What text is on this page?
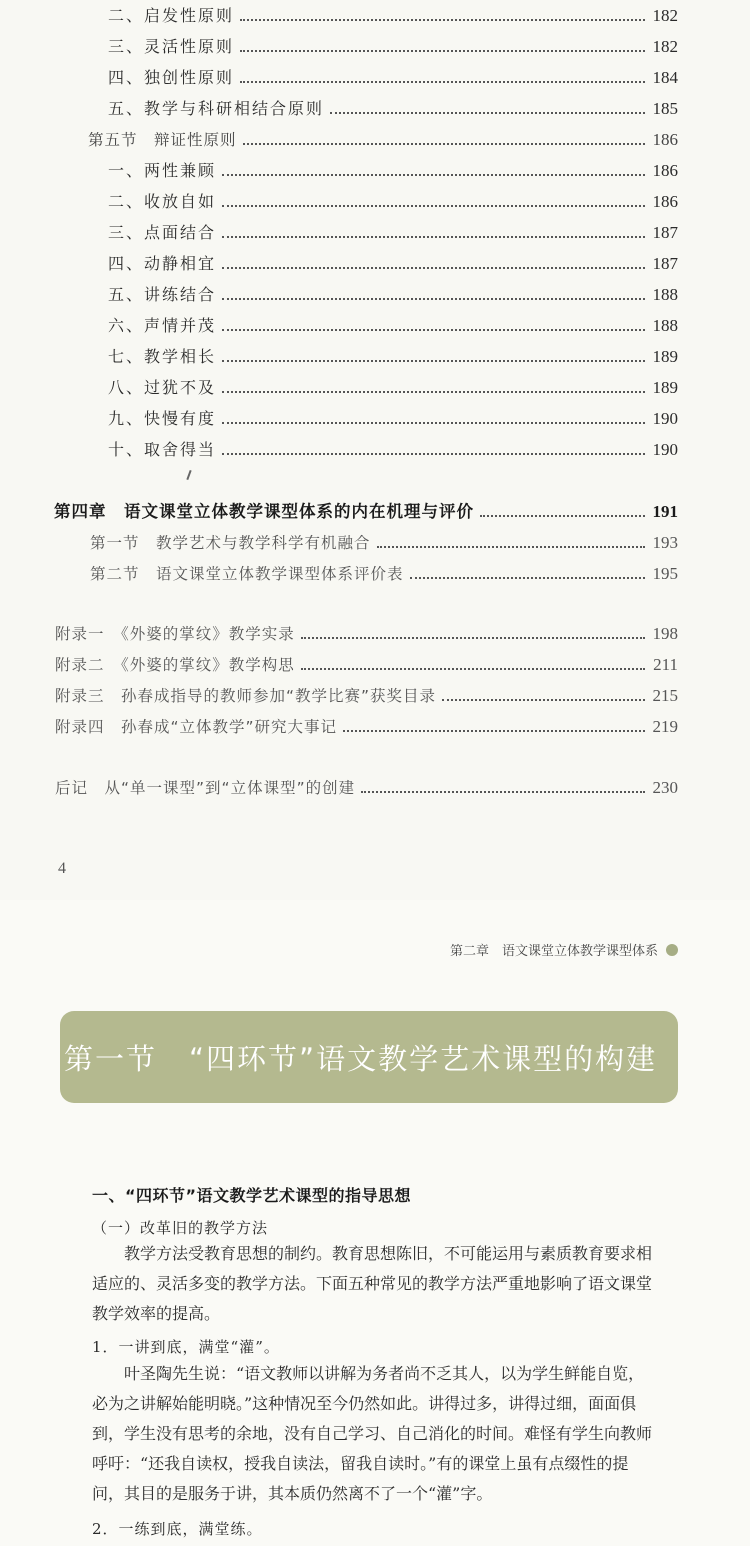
二、启发性原则	182
三、灵活性原则	182
四、独创性原则	184
五、教学与科研相结合原则	185
第五节　辩证性原则	186
一、两性兼顾	186
二、收放自如	186
三、点面结合	187
四、动静相宜	187
五、讲练结合	188
六、声情并茂	188
七、教学相长	189
八、过犹不及	189
九、快慢有度	190
十、取舍得当	190
第四章　语文课堂立体教学课型体系的内在机理与评价	191
第一节　教学艺术与教学科学有机融合	193
第二节　语文课堂立体教学课型体系评价表	195
附录一　《外婆的掌纹》教学实录	198
附录二　《外婆的掌纹》教学构思	211
附录三　孙春成指导的教师参加“教学比赛”获奖目录	215
附录四　孙春成“立体教学”研究大事记	219
后记　从“单一课型”到“立体课型”的创建	230
4
第二章　语文课堂立体教学课型体系
第一节 “四环节”语文教学艺术课型的构建
一、“四环节”语文教学艺术课型的指导思想
（一）改革旧的教学方法
　　教学方法受教育思想的制约。教育思想陈旧，不可能运用与素质教育要求相
适应的、灵活多变的教学方法。下面五种常见的教学方法严重地影响了语文课堂
教学效率的提高。
1．一讲到底，满堂“灌”。
　　叶圣陶先生说：“语文教师以讲解为务者尚不乏其人，以为学生鲜能自览，
必为之讲解始能明晓。”这种情况至今仍然如此。讲得过多，讲得过细，面面俱
到，学生没有思考的余地，没有自己学习、自己消化的时间。难怪有学生向教师
呼吁：“还我自读权，授我自读法，留我自读时。”有的课堂上虽有点缀性的提
问，其目的是服务于讲，其本质仍然离不了一个“灌”字。
2．一练到底，满堂练。
